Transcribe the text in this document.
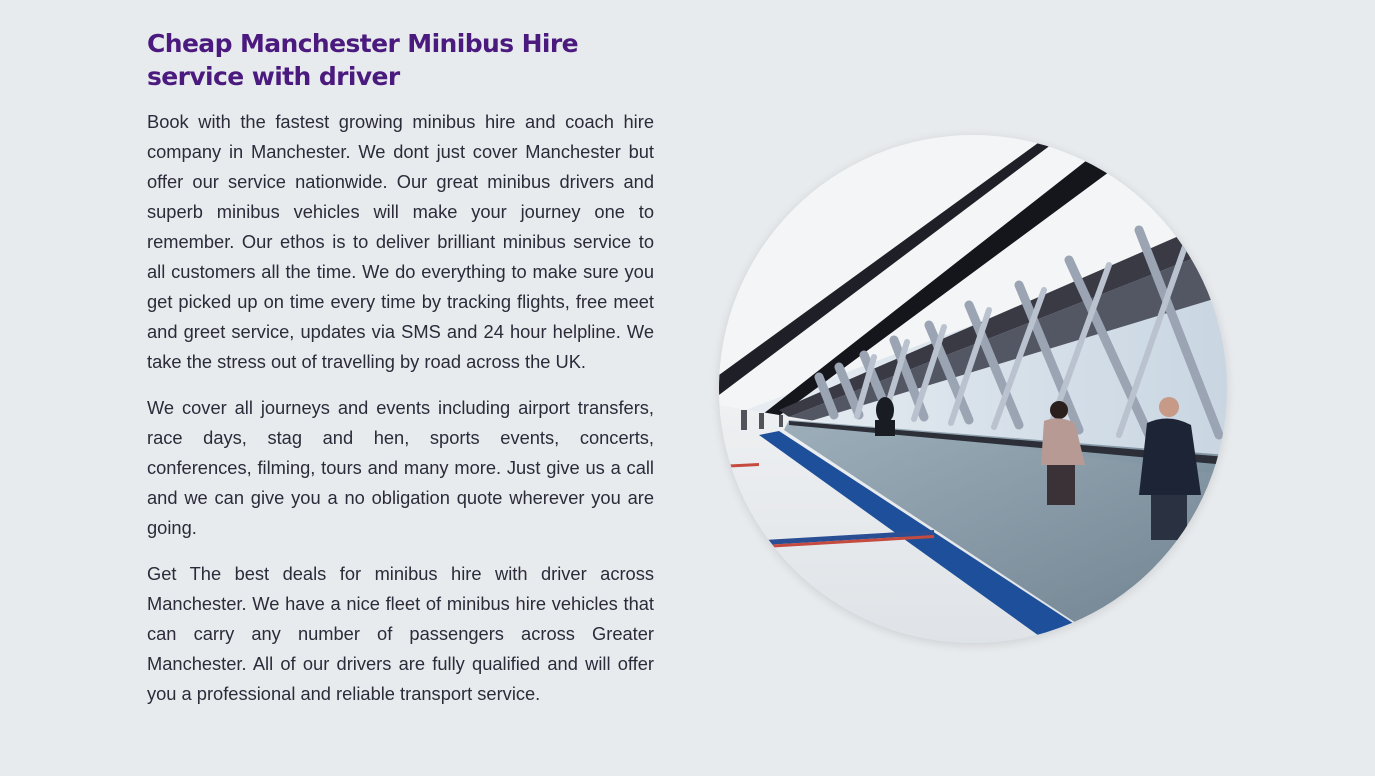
Cheap Manchester Minibus Hire service with driver

Book with the fastest growing minibus hire and coach hire company in Manchester. We dont just cover Manchester but offer our service nationwide. Our great minibus drivers and superb minibus vehicles will make your journey one to remember. Our ethos is to deliver brilliant minibus service to all customers all the time. We do everything to make sure you get picked up on time every time by tracking flights, free meet and greet service, updates via SMS and 24 hour helpline. We take the stress out of travelling by road across the UK.

We cover all journeys and events including airport transfers, race days, stag and hen, sports events, concerts, conferences, filming, tours and many more. Just give us a call and we can give you a no obligation quote wherever you are going.

Get The best deals for minibus hire with driver across Manchester. We have a nice fleet of minibus hire vehicles that can carry any number of passengers across Greater Manchester. All of our drivers are fully qualified and will offer you a professional and reliable transport service.
